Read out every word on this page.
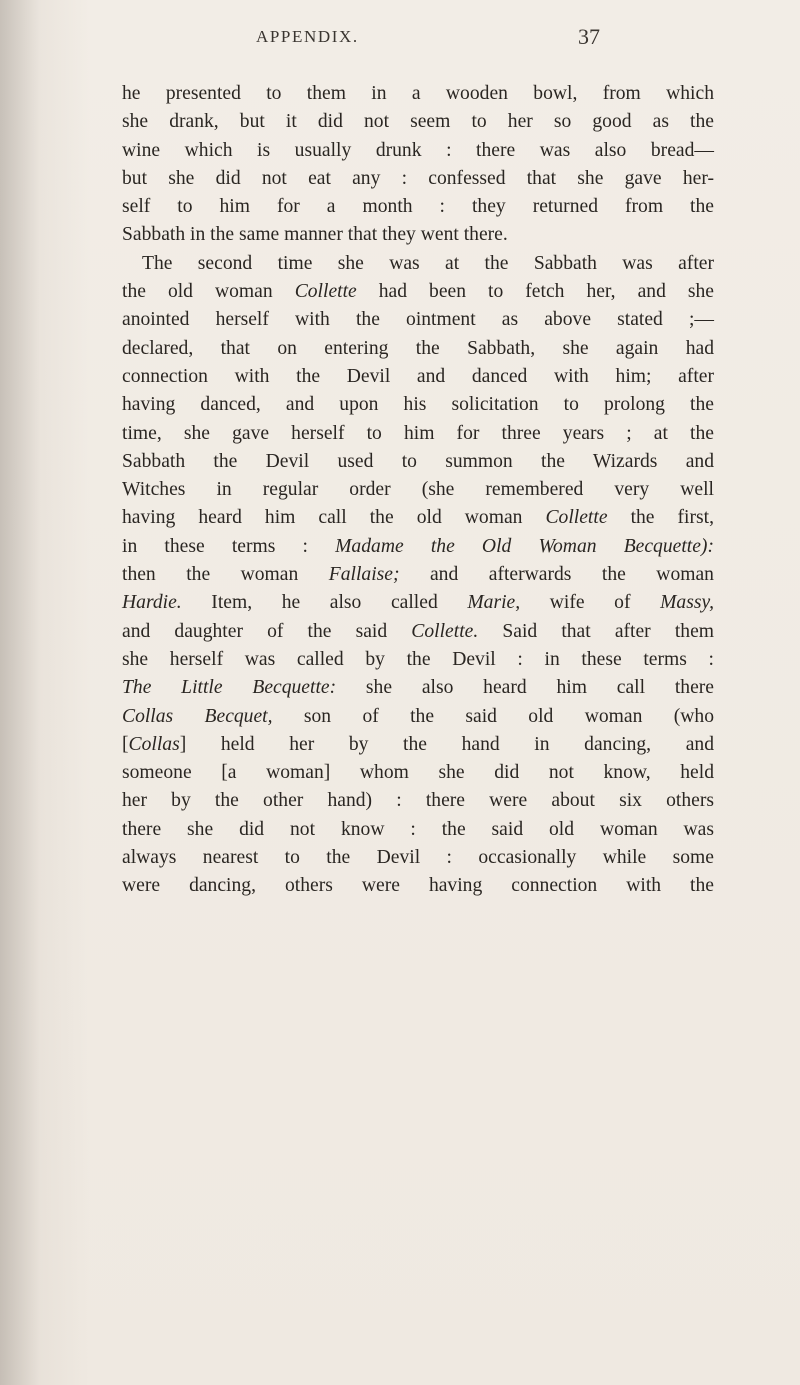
APPENDIX.	37
he presented to them in a wooden bowl, from which
she drank, but it did not seem to her so good as the
wine which is usually drunk : there was also bread—
but she did not eat any : confessed that she gave her-
self to him for a month : they returned from the
Sabbath in the same manner that they went there.
The second time she was at the Sabbath was after
the old woman Collette had been to fetch her, and she
anointed herself with the ointment as above stated ;—
declared, that on entering the Sabbath, she again had
connection with the Devil and danced with him; after
having danced, and upon his solicitation to prolong the
time, she gave herself to him for three years ; at the
Sabbath the Devil used to summon the Wizards and
Witches in regular order (she remembered very well
having heard him call the old woman Collette the first,
in these terms : Madame the Old Woman Becquette):
then the woman Fallaise; and afterwards the woman
Hardie. Item, he also called Marie, wife of Massy,
and daughter of the said Collette. Said that after them
she herself was called by the Devil : in these terms :
The Little Becquette: she also heard him call there
Collas Becquet, son of the said old woman (who
[Collas] held her by the hand in dancing, and
someone [a woman] whom she did not know, held
her by the other hand) : there were about six others
there she did not know : the said old woman was
always nearest to the Devil : occasionally while some
were dancing, others were having connection with the
